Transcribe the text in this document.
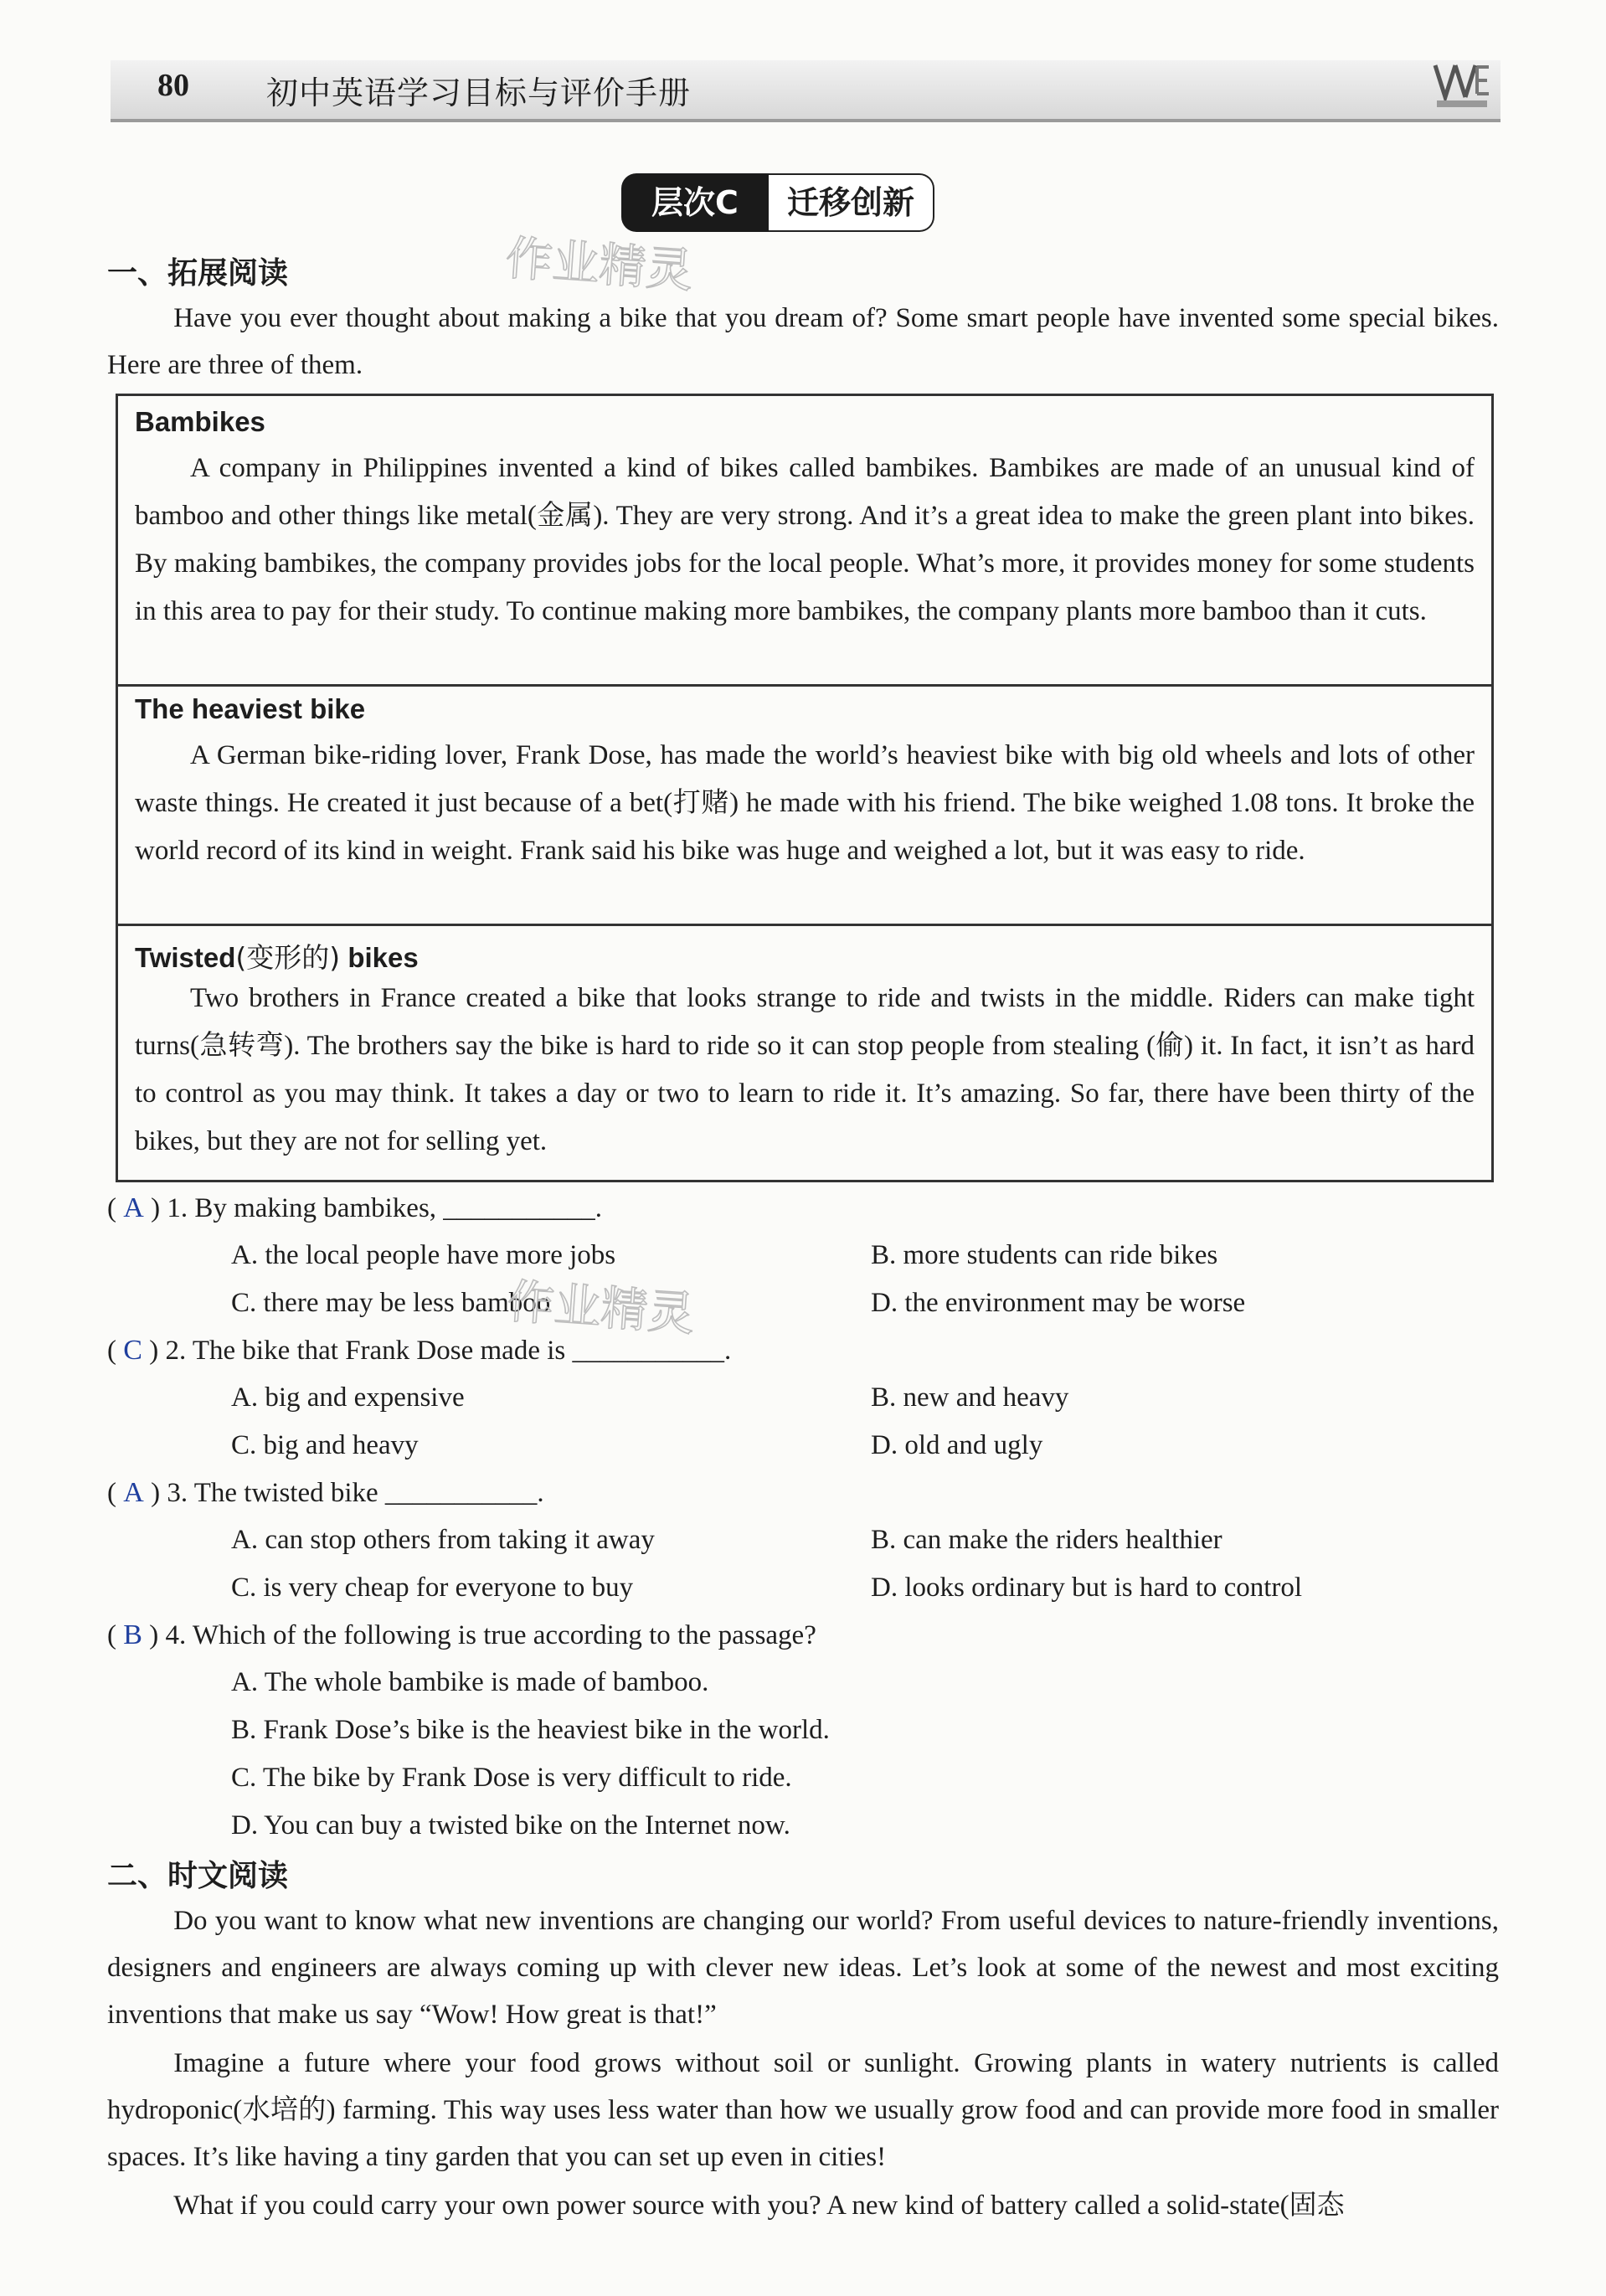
80 初中英语学习目标与评价手册
层次C	迁移创新
作业精灵
一、拓展阅读
Have you ever thought about making a bike that you dream of? Some smart people have invented some special bikes. Here are three of them.
Bambikes
A company in Philippines invented a kind of bikes called bambikes. Bambikes are made of an unusual kind of bamboo and other things like metal(金属). They are very strong. And it’s a great idea to make the green plant into bikes. By making bambikes, the company provides jobs for the local people. What’s more, it provides money for some students in this area to pay for their study. To continue making more bambikes, the company plants more bamboo than it cuts.
The heaviest bike
A German bike-riding lover, Frank Dose, has made the world’s heaviest bike with big old wheels and lots of other waste things. He created it just because of a bet(打赌) he made with his friend. The bike weighed 1.08 tons. It broke the world record of its kind in weight. Frank said his bike was huge and weighed a lot, but it was easy to ride.
Twisted(变形的) bikes
Two brothers in France created a bike that looks strange to ride and twists in the middle. Riders can make tight turns(急转弯). The brothers say the bike is hard to ride so it can stop people from stealing (偷) it. In fact, it isn’t as hard to control as you may think. It takes a day or two to learn to ride it. It’s amazing. So far, there have been thirty of the bikes, but they are not for selling yet.
( A ) 1. By making bambikes, ___________.
A. the local people have more jobs	B. more students can ride bikes
C. there may be less bamboo	D. the environment may be worse
作业精灵
( C ) 2. The bike that Frank Dose made is ___________.
A. big and expensive	B. new and heavy
C. big and heavy	D. old and ugly
( A ) 3. The twisted bike ___________.
A. can stop others from taking it away	B. can make the riders healthier
C. is very cheap for everyone to buy	D. looks ordinary but is hard to control
( B ) 4. Which of the following is true according to the passage?
A. The whole bambike is made of bamboo.
B. Frank Dose’s bike is the heaviest bike in the world.
C. The bike by Frank Dose is very difficult to ride.
D. You can buy a twisted bike on the Internet now.
二、时文阅读
Do you want to know what new inventions are changing our world? From useful devices to nature-friendly inventions, designers and engineers are always coming up with clever new ideas. Let’s look at some of the newest and most exciting inventions that make us say “Wow! How great is that!”
Imagine a future where your food grows without soil or sunlight. Growing plants in watery nutrients is called hydroponic(水培的) farming. This way uses less water than how we usually grow food and can provide more food in smaller spaces. It’s like having a tiny garden that you can set up even in cities!
What if you could carry your own power source with you? A new kind of battery called a solid-state(固态
